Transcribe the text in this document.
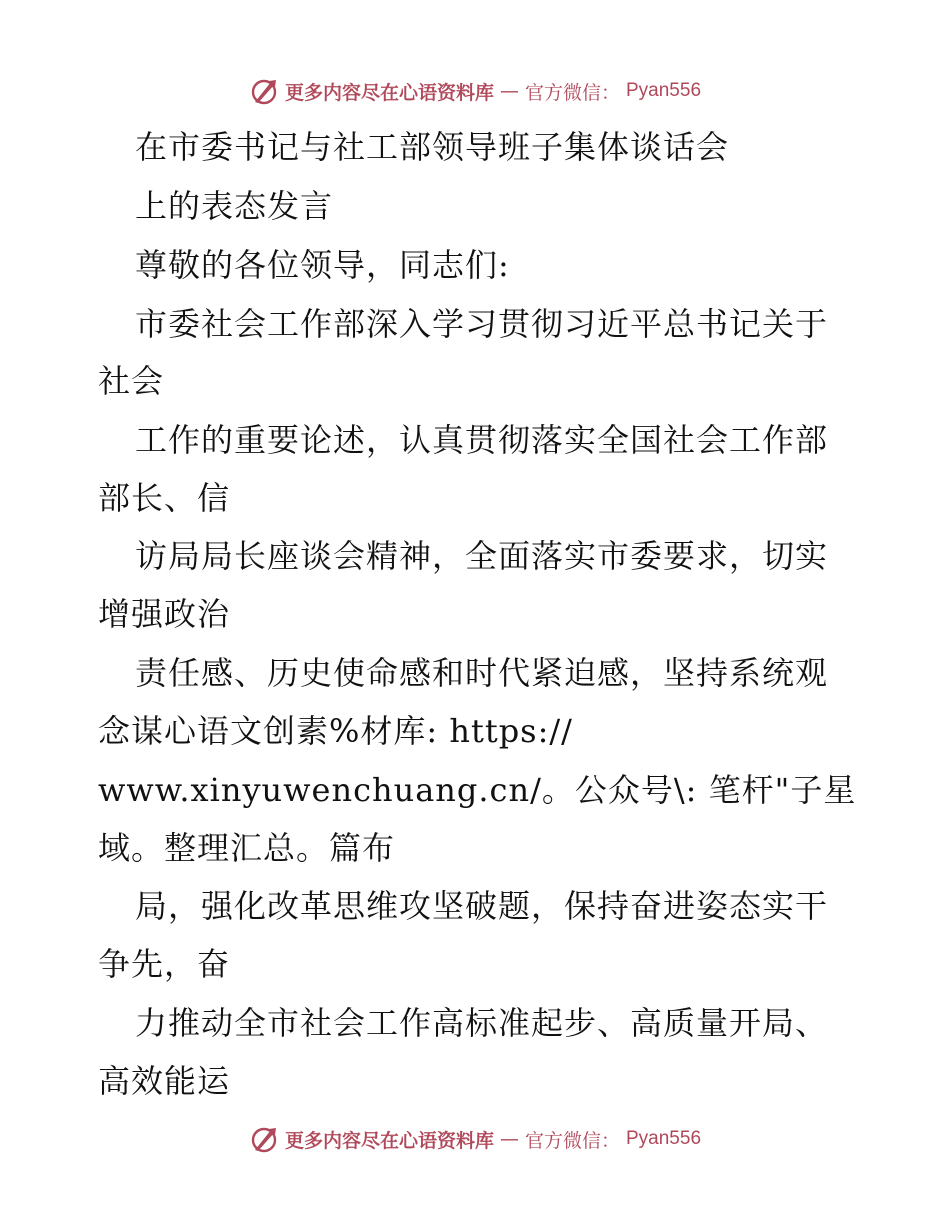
更多内容尽在心语资料库 — 官方微信： Pyan556
在市委书记与社工部领导班子集体谈话会
上的表态发言
尊敬的各位领导，同志们:
市委社会工作部深入学习贯彻习近平总书记关于
社会
工作的重要论述，认真贯彻落实全国社会工作部
部长、信
访局局长座谈会精神，全面落实市委要求，切实
增强政治
责任感、历史使命感和时代紧迫感，坚持系统观
念谋心语文创素%材库: https://
www.xinyuwenchuang.cn/。公众号\: 笔杆"子星
域。整理汇总。篇布
局，强化改革思维攻坚破题，保持奋进姿态实干
争先，奋
力推动全市社会工作高标准起步、高质量开局、
高效能运
更多内容尽在心语资料库 — 官方微信： Pyan556
